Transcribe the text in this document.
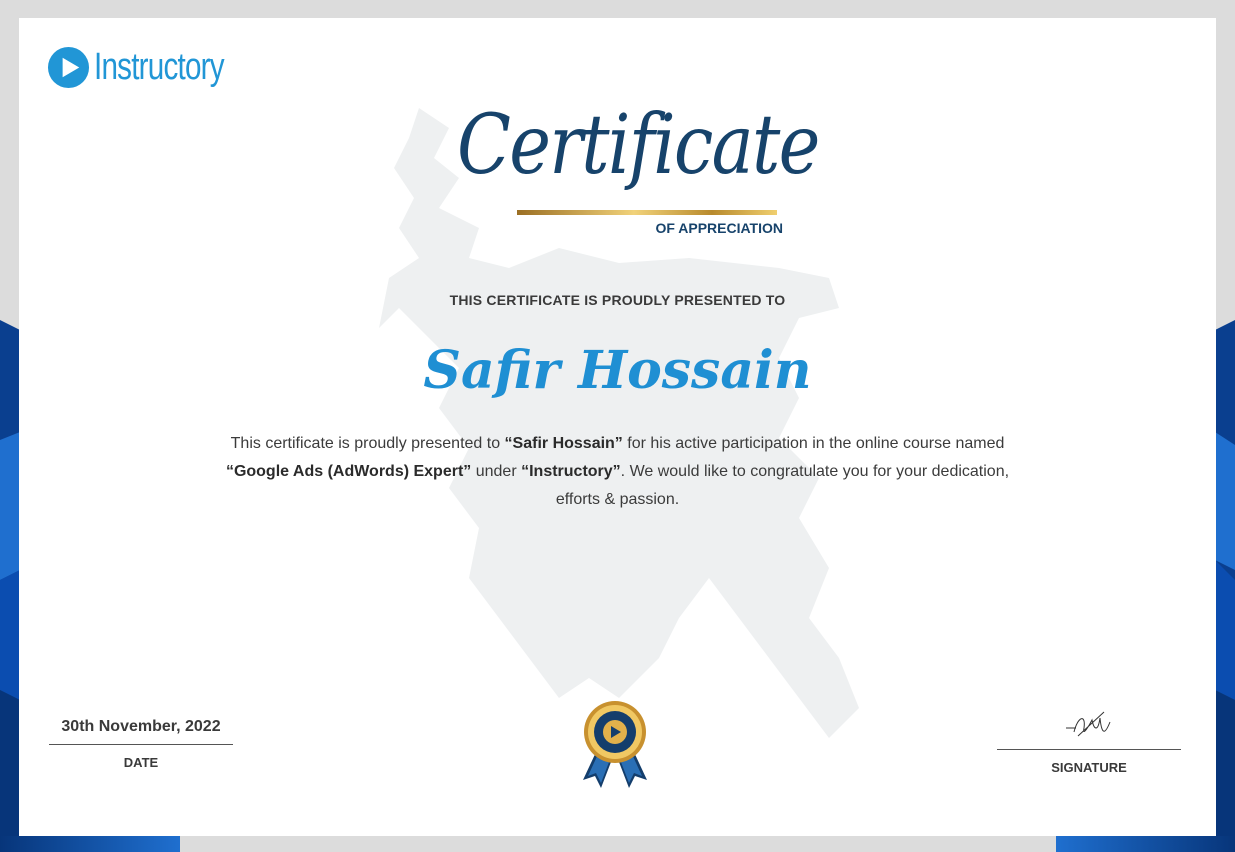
Instructory
Certificate
OF APPRECIATION
THIS CERTIFICATE IS PROUDLY PRESENTED TO
Safir Hossain
This certificate is proudly presented to “Safir Hossain” for his active participation in the online course named “Google Ads (AdWords) Expert” under “Instructory”. We would like to congratulate you for your dedication, efforts & passion.
30th November, 2022
DATE	SIGNATURE
